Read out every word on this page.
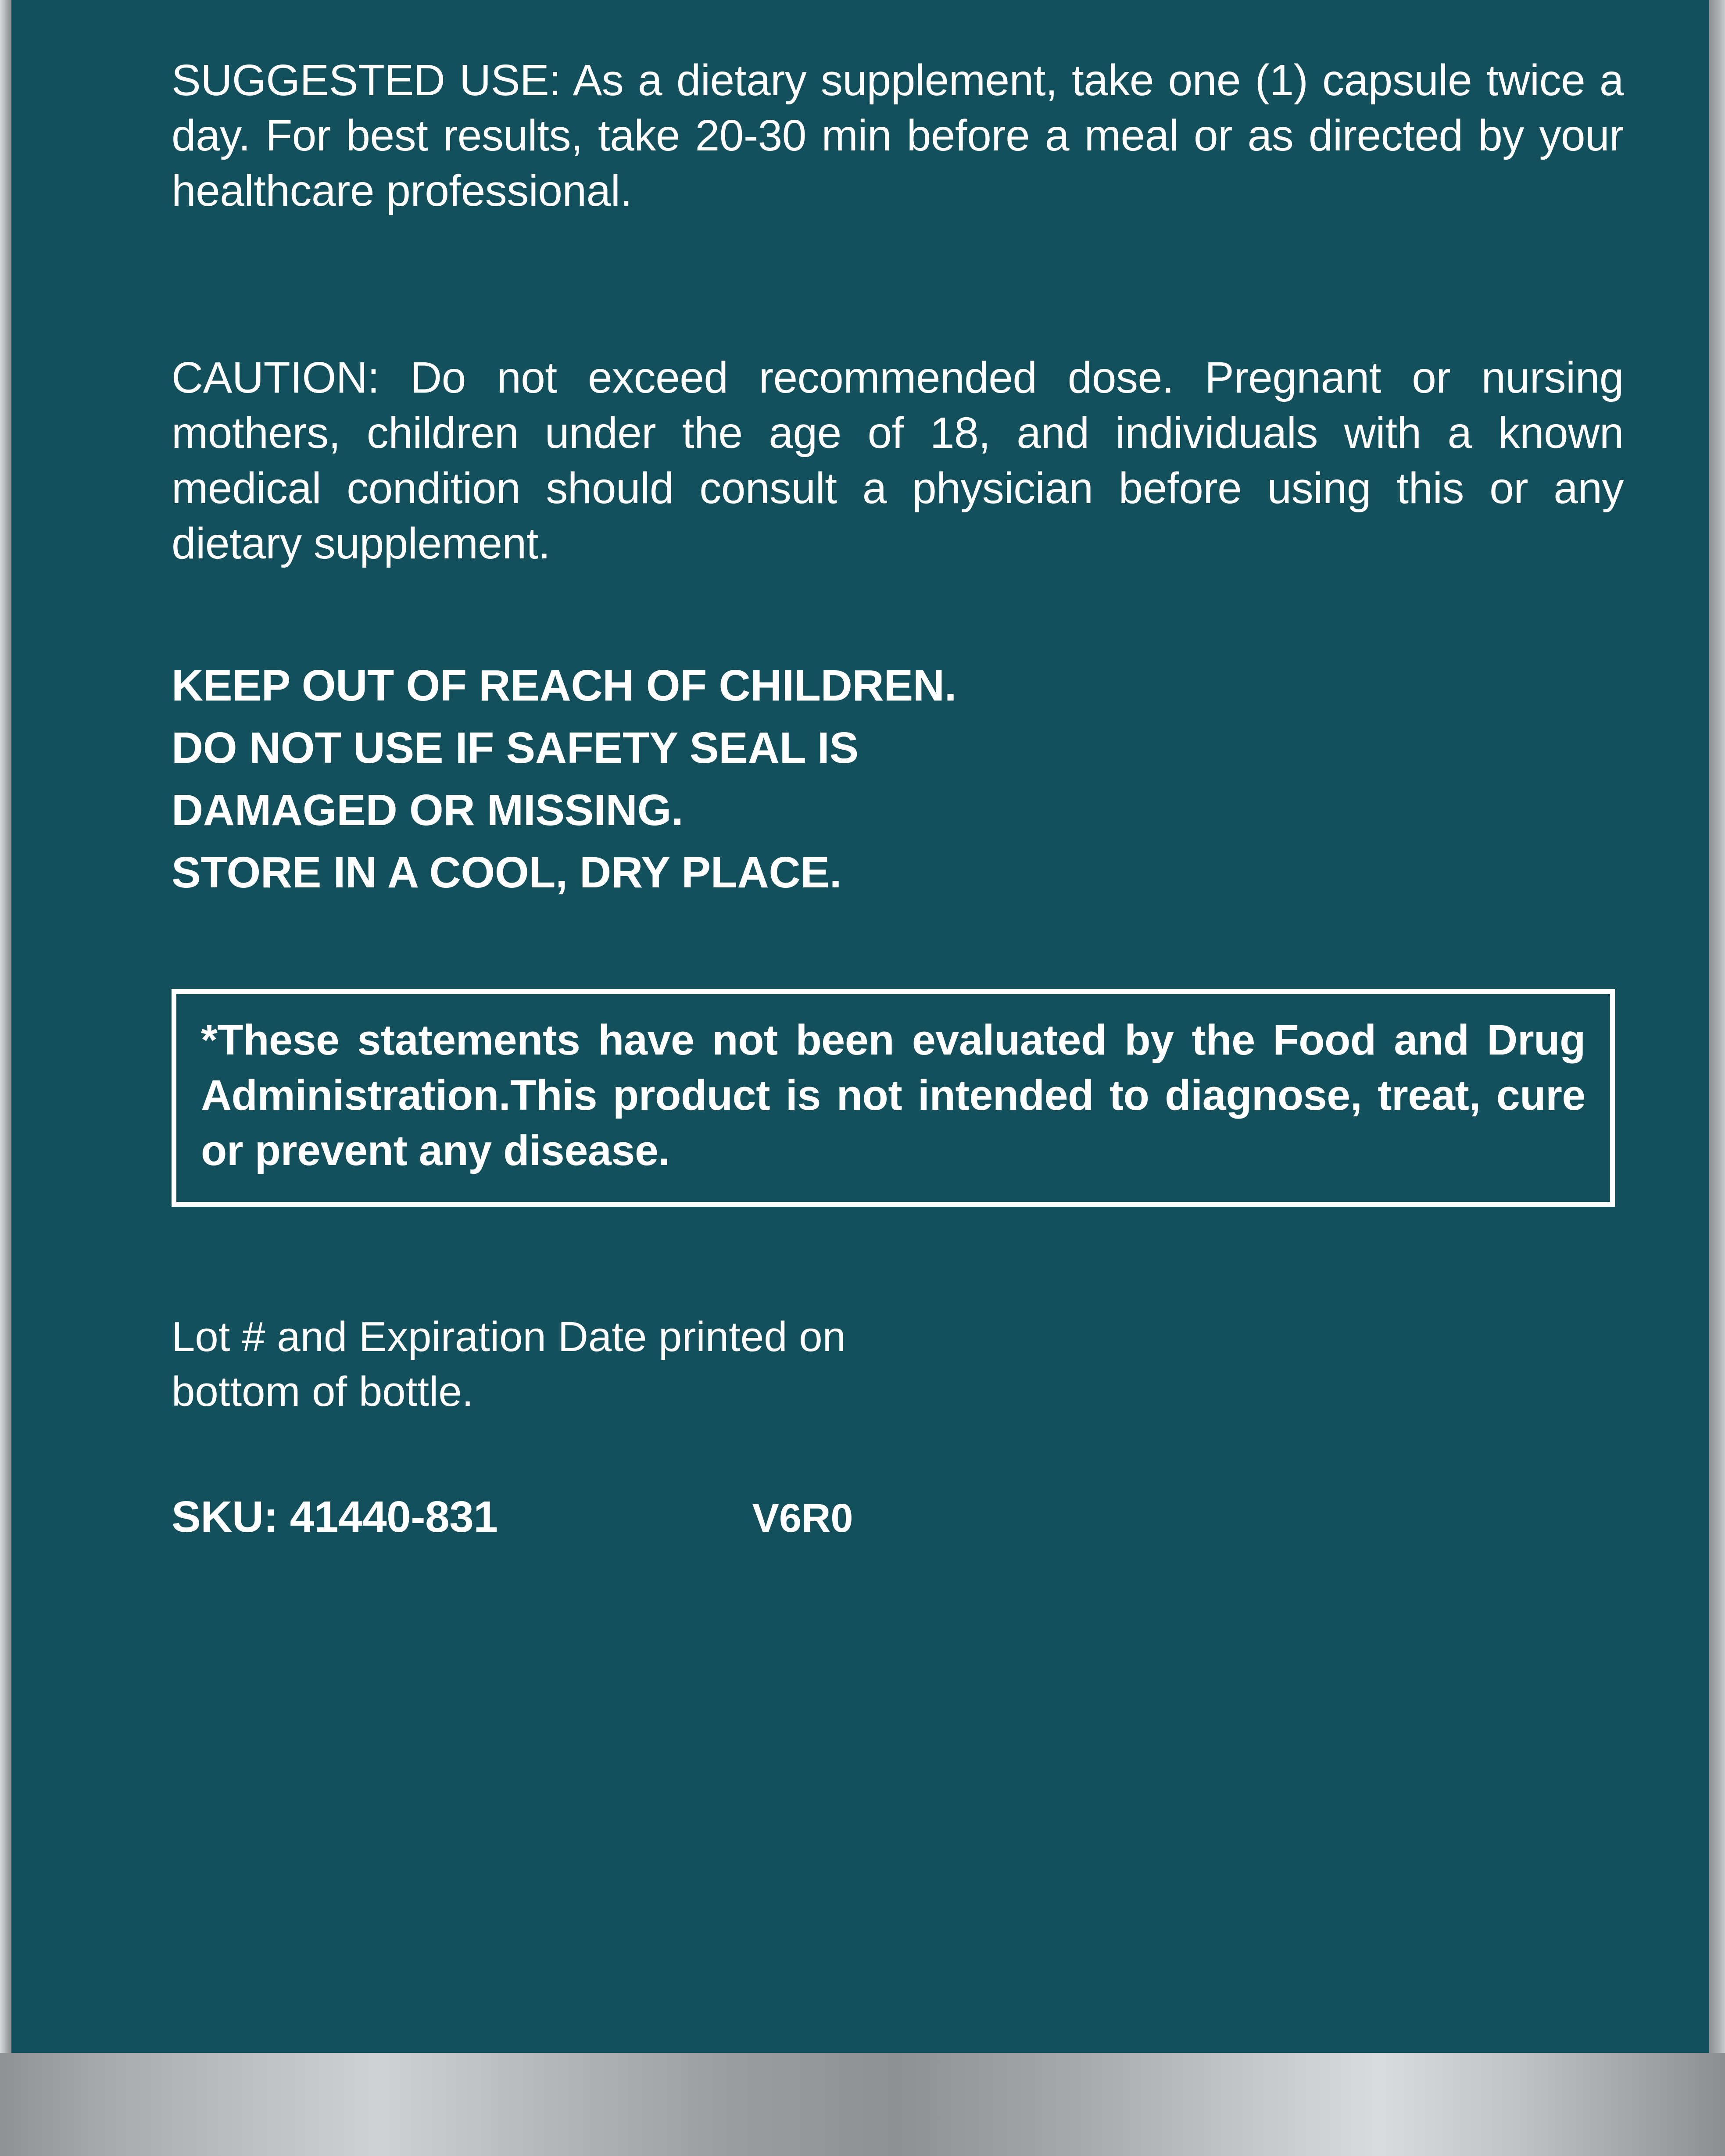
SUGGESTED USE: As a dietary supplement, take one (1) capsule twice a day. For best results, take 20-30 min before a meal or as directed by your healthcare professional.

CAUTION: Do not exceed recommended dose. Pregnant or nursing mothers, children under the age of 18, and individuals with a known medical condition should consult a physician before using this or any dietary supplement.

KEEP OUT OF REACH OF CHILDREN.
DO NOT USE IF SAFETY SEAL IS
DAMAGED OR MISSING.
STORE IN A COOL, DRY PLACE.

*These statements have not been evaluated by the Food and Drug Administration.This product is not intended to diagnose, treat, cure or prevent any disease.

Lot # and Expiration Date printed on
bottom of bottle.
SKU: 41440-831	V6R0
